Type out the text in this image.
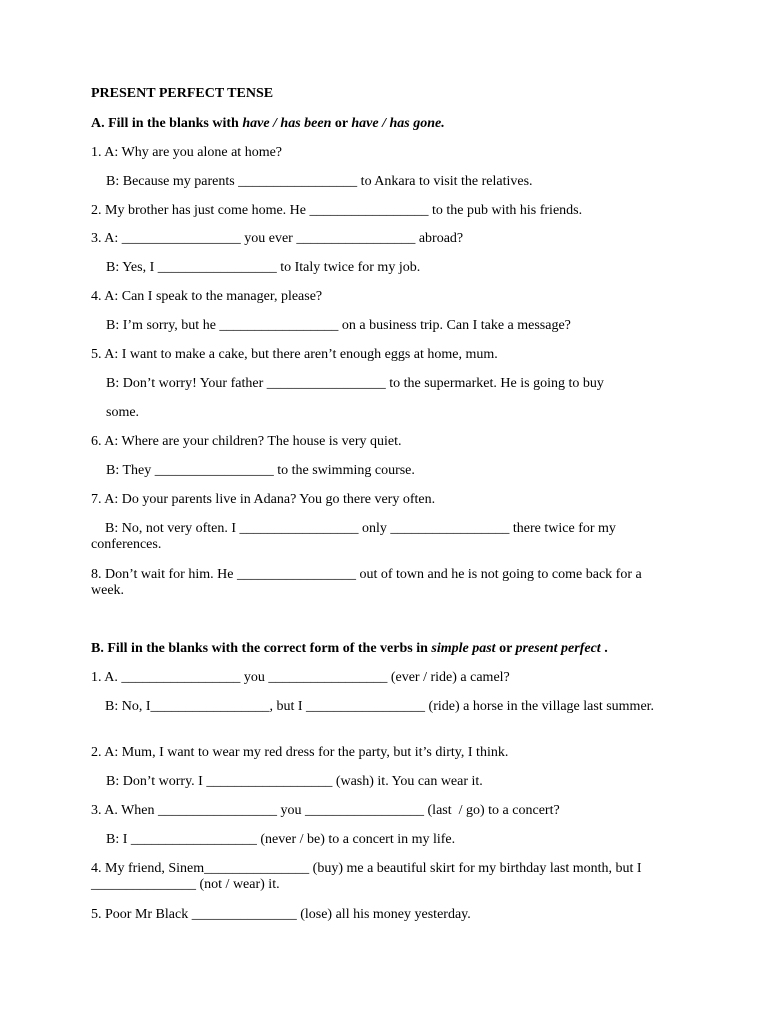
PRESENT PERFECT TENSE
A. Fill in the blanks with have / has been or have / has gone.
1. A: Why are you alone at home?
B: Because my parents _________________ to Ankara to visit the relatives.
2. My brother has just come home. He _________________ to the pub with his friends.
3. A: _________________ you ever _________________ abroad?
B: Yes, I _________________ to Italy twice for my job.
4. A: Can I speak to the manager, please?
B: I’m sorry, but he _________________ on a business trip. Can I take a message?
5. A: I want to make a cake, but there aren’t enough eggs at home, mum.
B: Don’t worry! Your father _________________ to the supermarket. He is going to buy
some.
6. A: Where are your children? The house is very quiet.
B: They _________________ to the swimming course.
7. A: Do your parents live in Adana? You go there very often.
B: No, not very often. I _________________ only _________________ there twice for my conferences.
8. Don’t wait for him. He _________________ out of town and he is not going to come back for a week.
B. Fill in the blanks with the correct form of the verbs in simple past or present perfect .
1. A. _________________ you _________________ (ever / ride) a camel?
B: No, I_________________, but I _________________ (ride) a horse in the village last summer.
2. A: Mum, I want to wear my red dress for the party, but it’s dirty, I think.
B: Don’t worry. I __________________ (wash) it. You can wear it.
3. A. When _________________ you _________________ (last  / go) to a concert?
B: I __________________ (never / be) to a concert in my life.
4. My friend, Sinem_______________ (buy) me a beautiful skirt for my birthday last month, but I _______________ (not / wear) it.
5. Poor Mr Black _______________ (lose) all his money yesterday.
